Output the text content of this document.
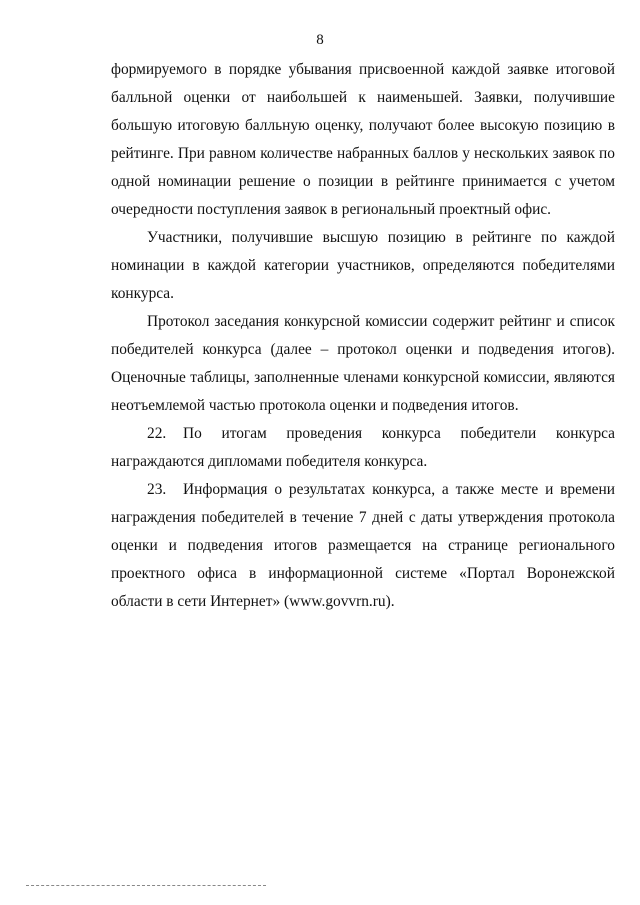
8

формируемого в порядке убывания присвоенной каждой заявке итоговой балльной оценки от наибольшей к наименьшей. Заявки, получившие большую итоговую балльную оценку, получают более высокую позицию в рейтинге. При равном количестве набранных баллов у нескольких заявок по одной номинации решение о позиции в рейтинге принимается с учетом очередности поступления заявок в региональный проектный офис.

Участники, получившие высшую позицию в рейтинге по каждой номинации в каждой категории участников, определяются победителями конкурса.

Протокол заседания конкурсной комиссии содержит рейтинг и список победителей конкурса (далее – протокол оценки и подведения итогов). Оценочные таблицы, заполненные членами конкурсной комиссии, являются неотъемлемой частью протокола оценки и подведения итогов.

22. По итогам проведения конкурса победители конкурса награждаются дипломами победителя конкурса.

23. Информация о результатах конкурса, а также месте и времени награждения победителей в течение 7 дней с даты утверждения протокола оценки и подведения итогов размещается на странице регионального проектного офиса в информационной системе «Портал Воронежской области в сети Интернет» (www.govvrn.ru).
